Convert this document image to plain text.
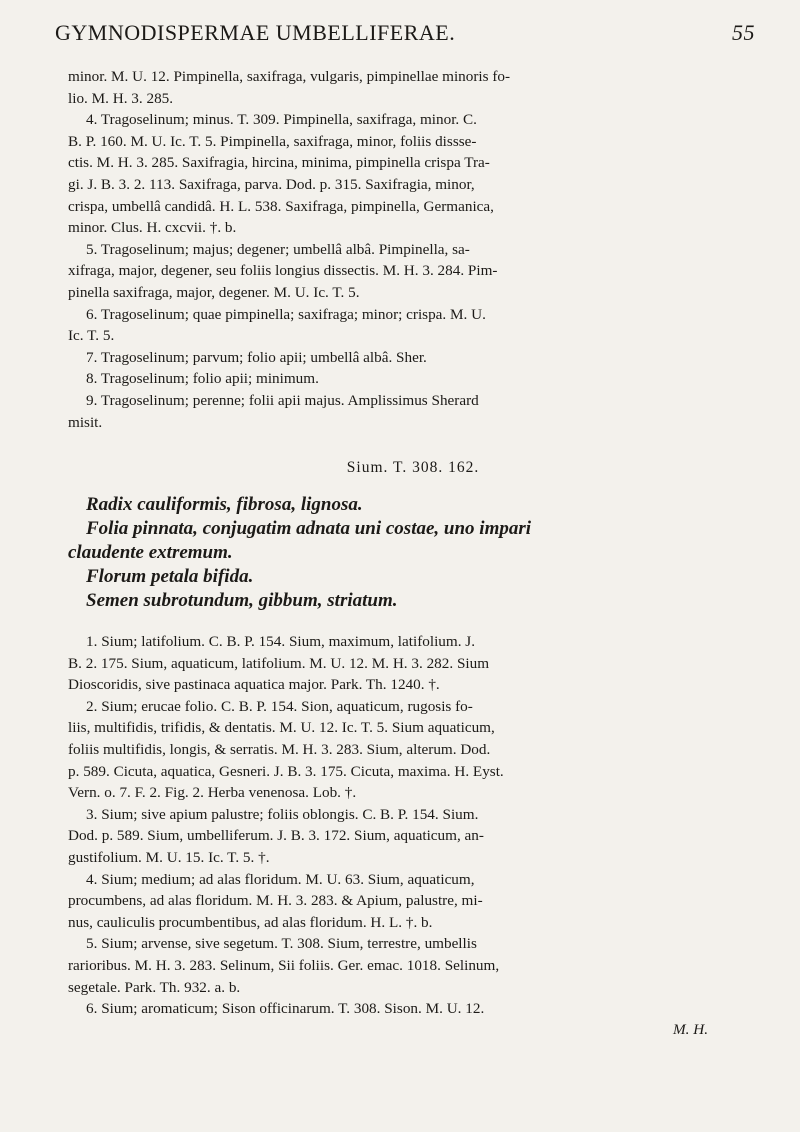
GYMNODISPERMAE UMBELLIFERAE.	55
minor. M. U. 12. Pimpinella, saxifraga, vulgaris, pimpinellae minoris fo-
lio. M. H. 3. 285.
4. Tragoselinum; minus. T. 309. Pimpinella, saxifraga, minor. C.
B. P. 160. M. U. Ic. T. 5. Pimpinella, saxifraga, minor, foliis dissse-
ctis. M. H. 3. 285. Saxifragia, hircina, minima, pimpinella crispa Tra-
gi. J. B. 3. 2. 113. Saxifraga, parva. Dod. p. 315. Saxifragia, minor,
crispa, umbellâ candidâ. H. L. 538. Saxifraga, pimpinella, Germanica,
minor. Clus. H. cxcvii. †. b.
5. Tragoselinum; majus; degener; umbellâ albâ. Pimpinella, sa-
xifraga, major, degener, seu foliis longius dissectis. M. H. 3. 284. Pim-
pinella saxifraga, major, degener. M. U. Ic. T. 5.
6. Tragoselinum; quae pimpinella; saxifraga; minor; crispa. M. U.
Ic. T. 5.
7. Tragoselinum; parvum; folio apii; umbellâ albâ. Sher.
8. Tragoselinum; folio apii; minimum.
9. Tragoselinum; perenne; folii apii majus. Amplissimus Sherard
misit.
Sium. T. 308. 162.
Radix cauliformis, fibrosa, lignosa.
Folia pinnata, conjugatim adnata uni costae, uno impari
claudente extremum.
Florum petala bifida.
Semen subrotundum, gibbum, striatum.
1. Sium; latifolium. C. B. P. 154. Sium, maximum, latifolium. J.
B. 2. 175. Sium, aquaticum, latifolium. M. U. 12. M. H. 3. 282. Sium
Dioscoridis, sive pastinaca aquatica major. Park. Th. 1240. †.
2. Sium; erucae folio. C. B. P. 154. Sion, aquaticum, rugosis fo-
liis, multifidis, trifidis, & dentatis. M. U. 12. Ic. T. 5. Sium aquaticum,
foliis multifidis, longis, & serratis. M. H. 3. 283. Sium, alterum. Dod.
p. 589. Cicuta, aquatica, Gesneri. J. B. 3. 175. Cicuta, maxima. H. Eyst.
Vern. o. 7. F. 2. Fig. 2. Herba venenosa. Lob. †.
3. Sium; sive apium palustre; foliis oblongis. C. B. P. 154. Sium.
Dod. p. 589. Sium, umbelliferum. J. B. 3. 172. Sium, aquaticum, an-
gustifolium. M. U. 15. Ic. T. 5. †.
4. Sium; medium; ad alas floridum. M. U. 63. Sium, aquaticum,
procumbens, ad alas floridum. M. H. 3. 283. & Apium, palustre, mi-
nus, cauliculis procumbentibus, ad alas floridum. H. L. †. b.
5. Sium; arvense, sive segetum. T. 308. Sium, terrestre, umbellis
rarioribus. M. H. 3. 283. Selinum, Sii foliis. Ger. emac. 1018. Selinum,
segetale. Park. Th. 932. a. b.
6. Sium; aromaticum; Sison officinarum. T. 308. Sison. M. U. 12.
M. H.
